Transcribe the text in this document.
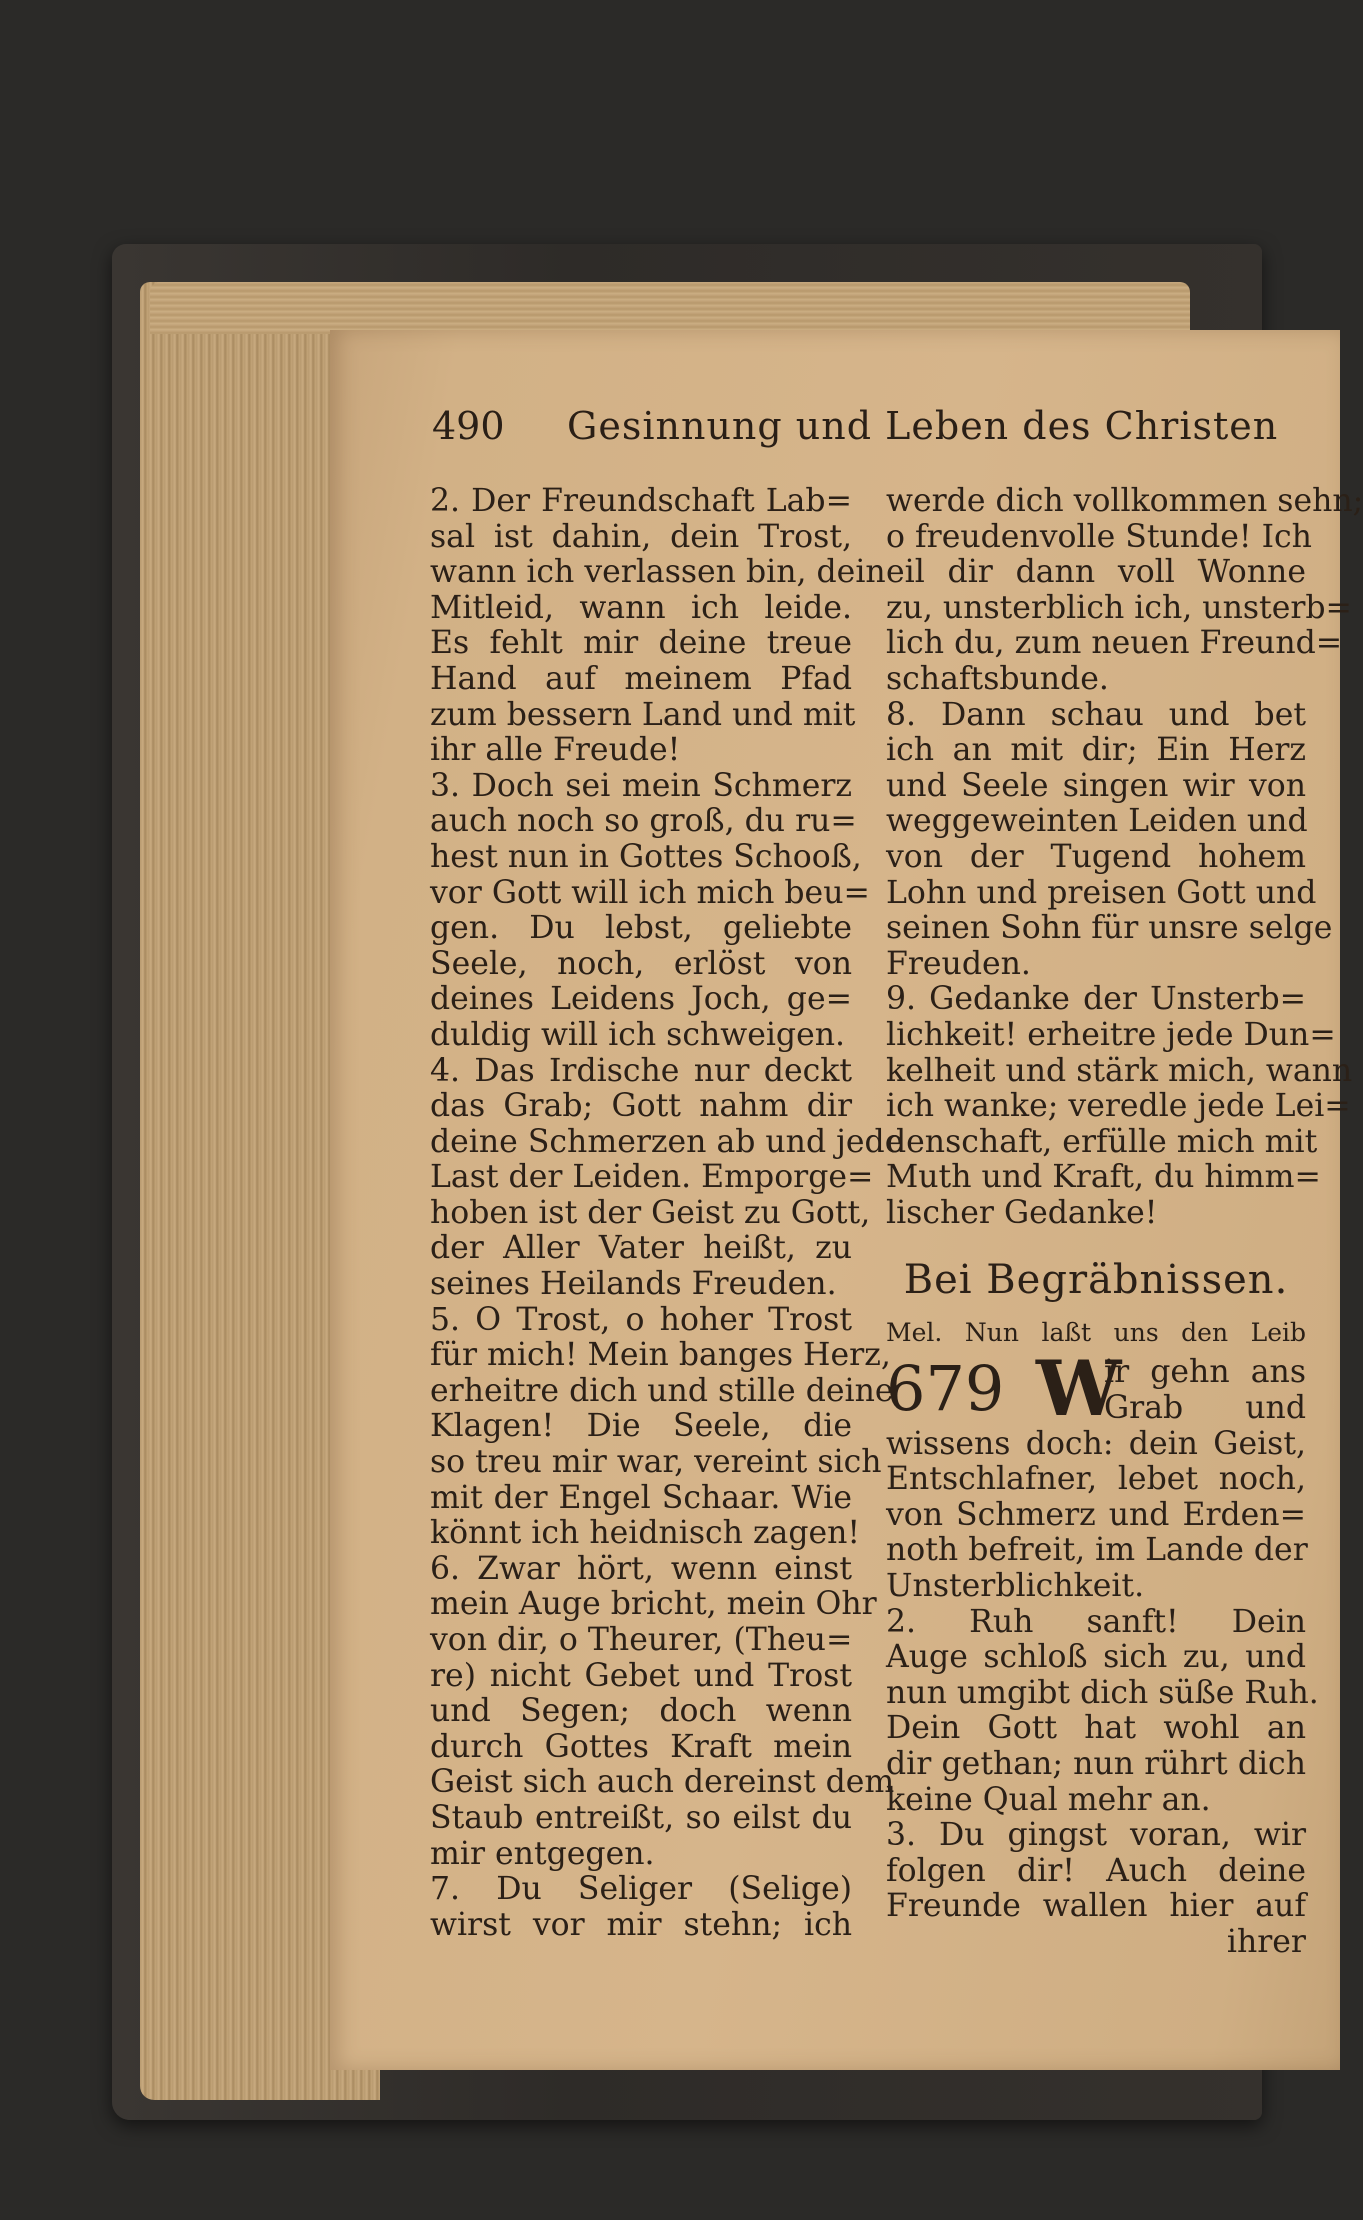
490 Gesinnung und Leben des Christen
2. Der Freundschaft Lab=
sal ist dahin, dein Trost,
wann ich verlassen bin, dein
Mitleid, wann ich leide.
Es fehlt mir deine treue
Hand auf meinem Pfad
zum bessern Land und mit
ihr alle Freude!
3. Doch sei mein Schmerz
auch noch so groß, du ru=
hest nun in Gottes Schooß,
vor Gott will ich mich beu=
gen. Du lebst, geliebte
Seele, noch, erlöst von
deines Leidens Joch, ge=
duldig will ich schweigen.
4. Das Irdische nur deckt
das Grab; Gott nahm dir
deine Schmerzen ab und jede
Last der Leiden. Emporge=
hoben ist der Geist zu Gott,
der Aller Vater heißt, zu
seines Heilands Freuden.
5. O Trost, o hoher Trost
für mich! Mein banges Herz,
erheitre dich und stille deine
Klagen! Die Seele, die
so treu mir war, vereint sich
mit der Engel Schaar. Wie
könnt ich heidnisch zagen!
6. Zwar hört, wenn einst
mein Auge bricht, mein Ohr
von dir, o Theurer, (Theu=
re) nicht Gebet und Trost
und Segen; doch wenn
durch Gottes Kraft mein
Geist sich auch dereinst dem
Staub entreißt, so eilst du
mir entgegen.
7. Du Seliger (Selige)
wirst vor mir stehn; ich
werde dich vollkommen sehn;
o freudenvolle Stunde! Ich
eil dir dann voll Wonne
zu, unsterblich ich, unsterb=
lich du, zum neuen Freund=
schaftsbunde.
8. Dann schau und bet
ich an mit dir; Ein Herz
und Seele singen wir von
weggeweinten Leiden und
von der Tugend hohem
Lohn und preisen Gott und
seinen Sohn für unsre selge
Freuden.
9. Gedanke der Unsterb=
lichkeit! erheitre jede Dun=
kelheit und stärk mich, wann
ich wanke; veredle jede Lei=
denschaft, erfülle mich mit
Muth und Kraft, du himm=
lischer Gedanke!
Bei Begräbnissen.
Mel. Nun laßt uns den Leib
679 W
ir gehn ans
Grab und
wissens doch: dein Geist,
Entschlafner, lebet noch,
von Schmerz und Erden=
noth befreit, im Lande der
Unsterblichkeit.
2. Ruh sanft! Dein
Auge schloß sich zu, und
nun umgibt dich süße Ruh.
Dein Gott hat wohl an
dir gethan; nun rührt dich
keine Qual mehr an.
3. Du gingst voran, wir
folgen dir! Auch deine
Freunde wallen hier auf
ihrer
